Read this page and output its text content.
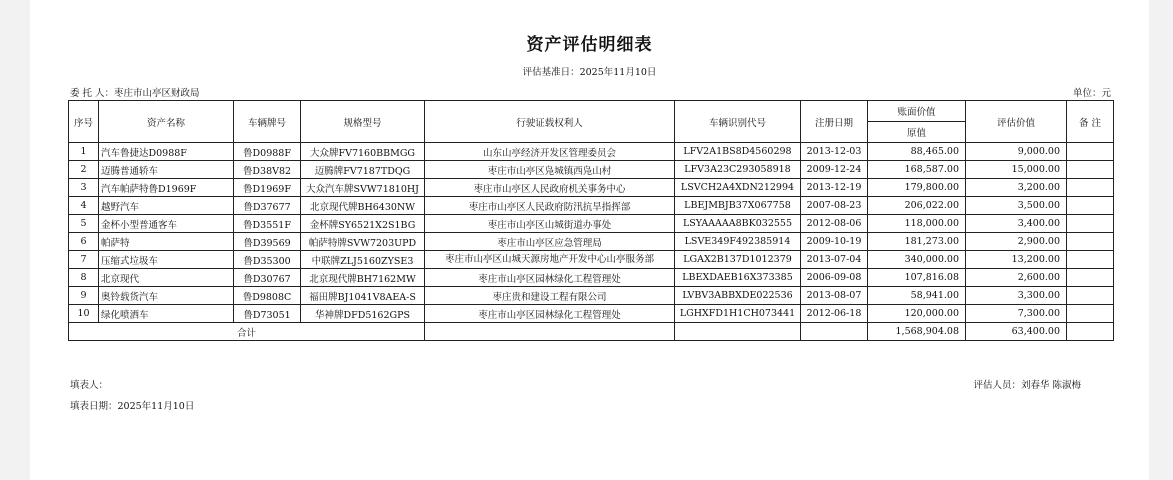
资产评估明细表
评估基准日：2025年11月10日
委 托 人：枣庄市山亭区财政局	单位：元
序号	资产名称	车辆牌号	规格型号	行驶证载权利人	车辆识别代号	注册日期	账面价值	评估价值	备 注
							原值		
1	汽车鲁捷达D0988F	鲁D0988F	大众牌FV7160BBMGG	山东山亭经济开发区管理委员会	LFV2A1BS8D4560298	2013-12-03	88,465.00	9,000.00	
2	迈腾普通轿车	鲁D38V82	迈腾牌FV7187TDQG	枣庄市山亭区凫城镇西凫山村	LFV3A23C293058918	2009-12-24	168,587.00	15,000.00	
3	汽车帕萨特鲁D1969F	鲁D1969F	大众汽车牌SVW71810HJ	枣庄市山亭区人民政府机关事务中心	LSVCH2A4XDN212994	2013-12-19	179,800.00	3,200.00	
4	越野汽车	鲁D37677	北京现代牌BH6430NW	枣庄市山亭区人民政府防汛抗旱指挥部	LBEJMBJB37X067758	2007-08-23	206,022.00	3,500.00	
5	金杯小型普通客车	鲁D3551F	金杯牌SY6521X2S1BG	枣庄市山亭区山城街道办事处	LSYAAAAA8BK032555	2012-08-06	118,000.00	3,400.00	
6	帕萨特	鲁D39569	帕萨特牌SVW7203UPD	枣庄市山亭区应急管理局	LSVE349F492385914	2009-10-19	181,273.00	2,900.00	
7	压缩式垃圾车	鲁D35300	中联牌ZLJ5160ZYSE3	枣庄市山亭区山城天源房地产开发中心山亭服务部	LGAX2B137D1012379	2013-07-04	340,000.00	13,200.00	
8	北京现代	鲁D30767	北京现代牌BH7162MW	枣庄市山亭区园林绿化工程管理处	LBEXDAEB16X373385	2006-09-08	107,816.08	2,600.00	
9	奥铃载货汽车	鲁D9808C	福田牌BJ1041V8AEA-S	枣庄贵和建设工程有限公司	LVBV3ABBXDE022536	2013-08-07	58,941.00	3,300.00	
10	绿化喷洒车	鲁D73051	华神牌DFD5162GPS	枣庄市山亭区园林绿化工程管理处	LGHXFD1H1CH073441	2012-06-18	120,000.00	7,300.00	
合计							1,568,904.08	63,400.00	
填表人：	评估人员：刘春华 陈淑梅
填表日期：2025年11月10日
